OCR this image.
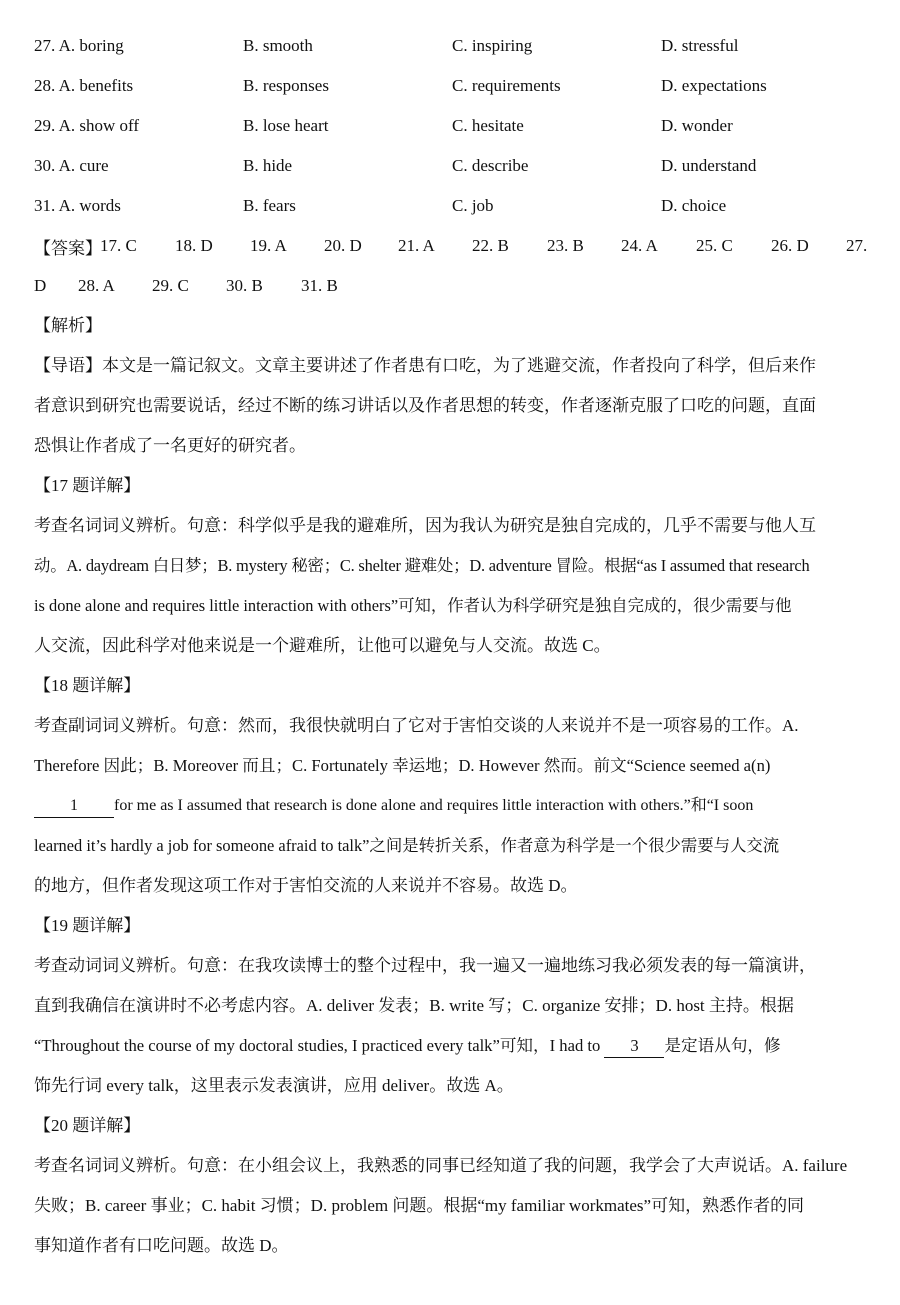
27. A. boring	B. smooth	C. inspiring	D. stressful
28. A. benefits	B. responses	C. requirements	D. expectations
29. A. show off	B. lose heart	C. hesitate	D. wonder
30. A. cure	B. hide	C. describe	D. understand
31. A. words	B. fears	C. job	D. choice
【答案】
17. C	18. D	19. A	20. D	21. A	22. B	23. B	24. A	25. C	26. D	27.
D	28. A	29. C	30. B	31. B
【解析】
【导语】本文是一篇记叙文。文章主要讲述了作者患有口吃，为了逃避交流，作者投向了科学，但后来作
者意识到研究也需要说话，经过不断的练习讲话以及作者思想的转变，作者逐渐克服了口吃的问题，直面
恐惧让作者成了一名更好的研究者。
【17 题详解】
考查名词词义辨析。句意：科学似乎是我的避难所，因为我认为研究是独自完成的，几乎不需要与他人互
动。A. daydream 白日梦；B. mystery 秘密；C. shelter 避难处；D. adventure 冒险。根据“as I assumed that research
is done alone and requires little interaction with others”可知，作者认为科学研究是独自完成的，很少需要与他
人交流，因此科学对他来说是一个避难所，让他可以避免与人交流。故选 C。
【18 题详解】
考查副词词义辨析。句意：然而，我很快就明白了它对于害怕交谈的人来说并不是一项容易的工作。A.
Therefore 因此；B. Moreover 而且；C. Fortunately 幸运地；D. However 然而。前文“Science seemed a(n)
1 for me as I assumed that research is done alone and requires little interaction with others.”和“I soon
learned it’s hardly a job for someone afraid to talk”之间是转折关系，作者意为科学是一个很少需要与人交流
的地方，但作者发现这项工作对于害怕交流的人来说并不容易。故选 D。
【19 题详解】
考查动词词义辨析。句意：在我攻读博士的整个过程中，我一遍又一遍地练习我必须发表的每一篇演讲，
直到我确信在演讲时不必考虑内容。A. deliver 发表；B. write 写；C. organize 安排；D. host 主持。根据
“Throughout the course of my doctoral studies, I practiced every talk”可知，I had to 3 是定语从句，修
饰先行词 every talk，这里表示发表演讲，应用 deliver。故选 A。
【20 题详解】
考查名词词义辨析。句意：在小组会议上，我熟悉的同事已经知道了我的问题，我学会了大声说话。A. failure
失败；B. career 事业；C. habit 习惯；D. problem 问题。根据“my familiar workmates”可知，熟悉作者的同
事知道作者有口吃问题。故选 D。
